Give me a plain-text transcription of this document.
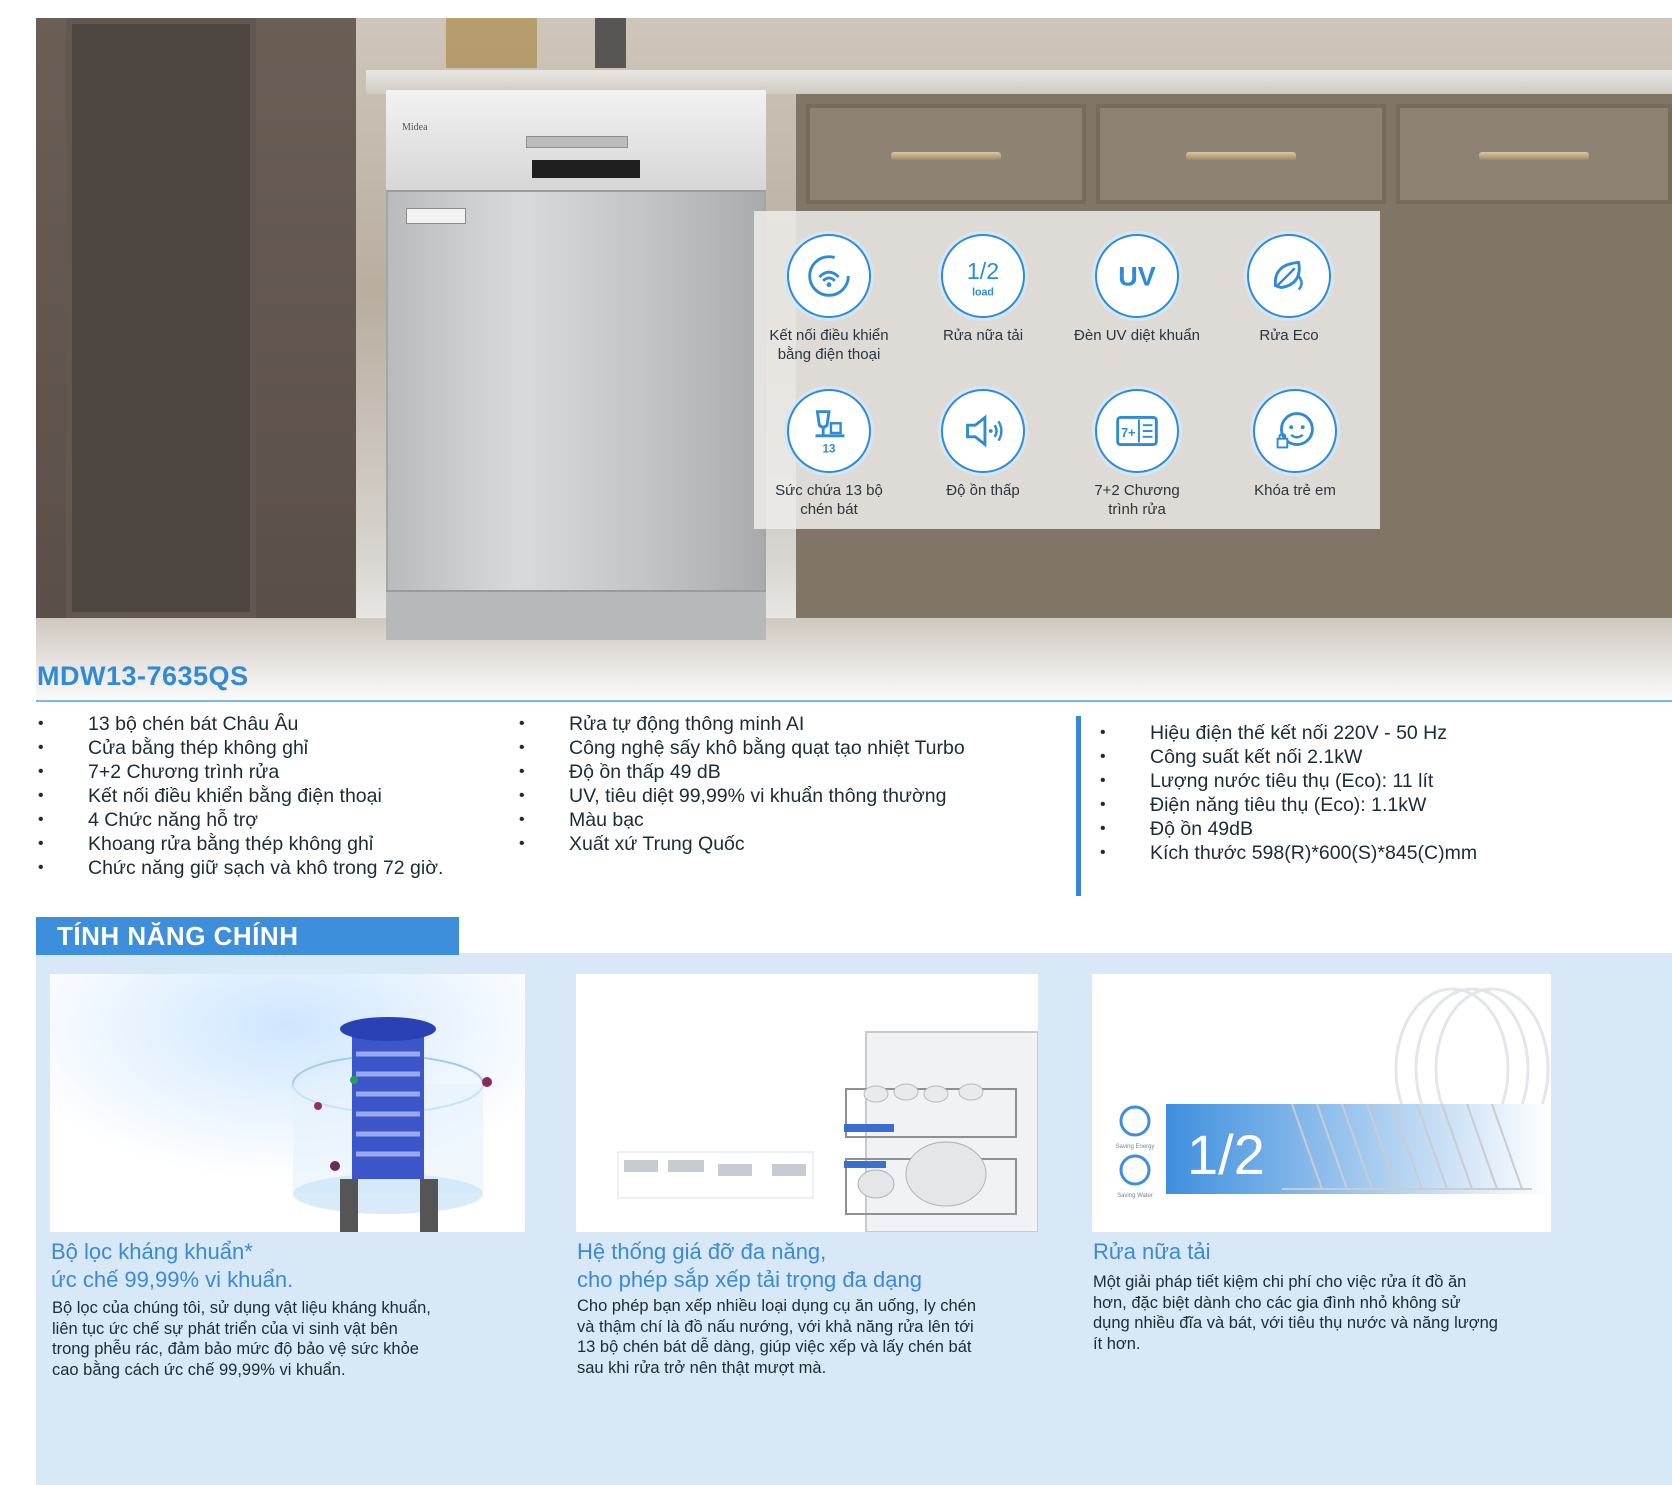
Midea
Kết nối điều khiển
bằng điện thoại
1/2
load
Rửa nữa tải
UV
Đèn UV diệt khuẩn	Rửa Eco
13
Sức chứa 13 bộ
chén bát
Độ ồn thấp
7+
7+2 Chương
trình rửa
Khóa trẻ em
MDW13-7635QS
• 13 bộ chén bát Châu Âu
• Cửa bằng thép không ghỉ
• 7+2 Chương trình rửa
• Kết nối điều khiển bằng điện thoại
• 4 Chức năng hỗ trợ
• Khoang rửa bằng thép không ghỉ
• Chức năng giữ sạch và khô trong 72 giờ.
• Rửa tự động thông minh AI
• Công nghệ sấy khô bằng quạt tạo nhiệt Turbo
• Độ ồn thấp 49 dB
• UV, tiêu diệt 99,99% vi khuẩn thông thường
• Màu bạc
• Xuất xứ Trung Quốc
• Hiệu điện thế kết nối 220V - 50 Hz
• Công suất kết nối 2.1kW
• Lượng nước tiêu thụ (Eco): 11 lít
• Điện năng tiêu thụ (Eco): 1.1kW
• Độ ồn 49dB
• Kích thước 598(R)*600(S)*845(C)mm
TÍNH NĂNG CHÍNH
Bộ lọc kháng khuẩn*
ức chế 99,99% vi khuẩn.
Bộ lọc của chúng tôi, sử dụng vật liệu kháng khuẩn,
liên tục ức chế sự phát triển của vi sinh vật bên
trong phễu rác, đảm bảo mức độ bảo vệ sức khỏe
cao bằng cách ức chế 99,99% vi khuẩn.
Hệ thống giá đỡ đa năng,
cho phép sắp xếp tải trọng đa dạng
Cho phép bạn xếp nhiều loại dụng cụ ăn uống, ly chén
và thậm chí là đồ nấu nướng, với khả năng rửa lên tới
13 bộ chén bát dễ dàng, giúp việc xếp và lấy chén bát
sau khi rửa trở nên thật mượt mà.
1/2
Saving Energy
Saving Water
Rửa nữa tải
Một giải pháp tiết kiệm chi phí cho việc rửa ít đồ ăn
hơn, đặc biệt dành cho các gia đình nhỏ không sử
dụng nhiều đĩa và bát, với tiêu thụ nước và năng lượng
ít hơn.
